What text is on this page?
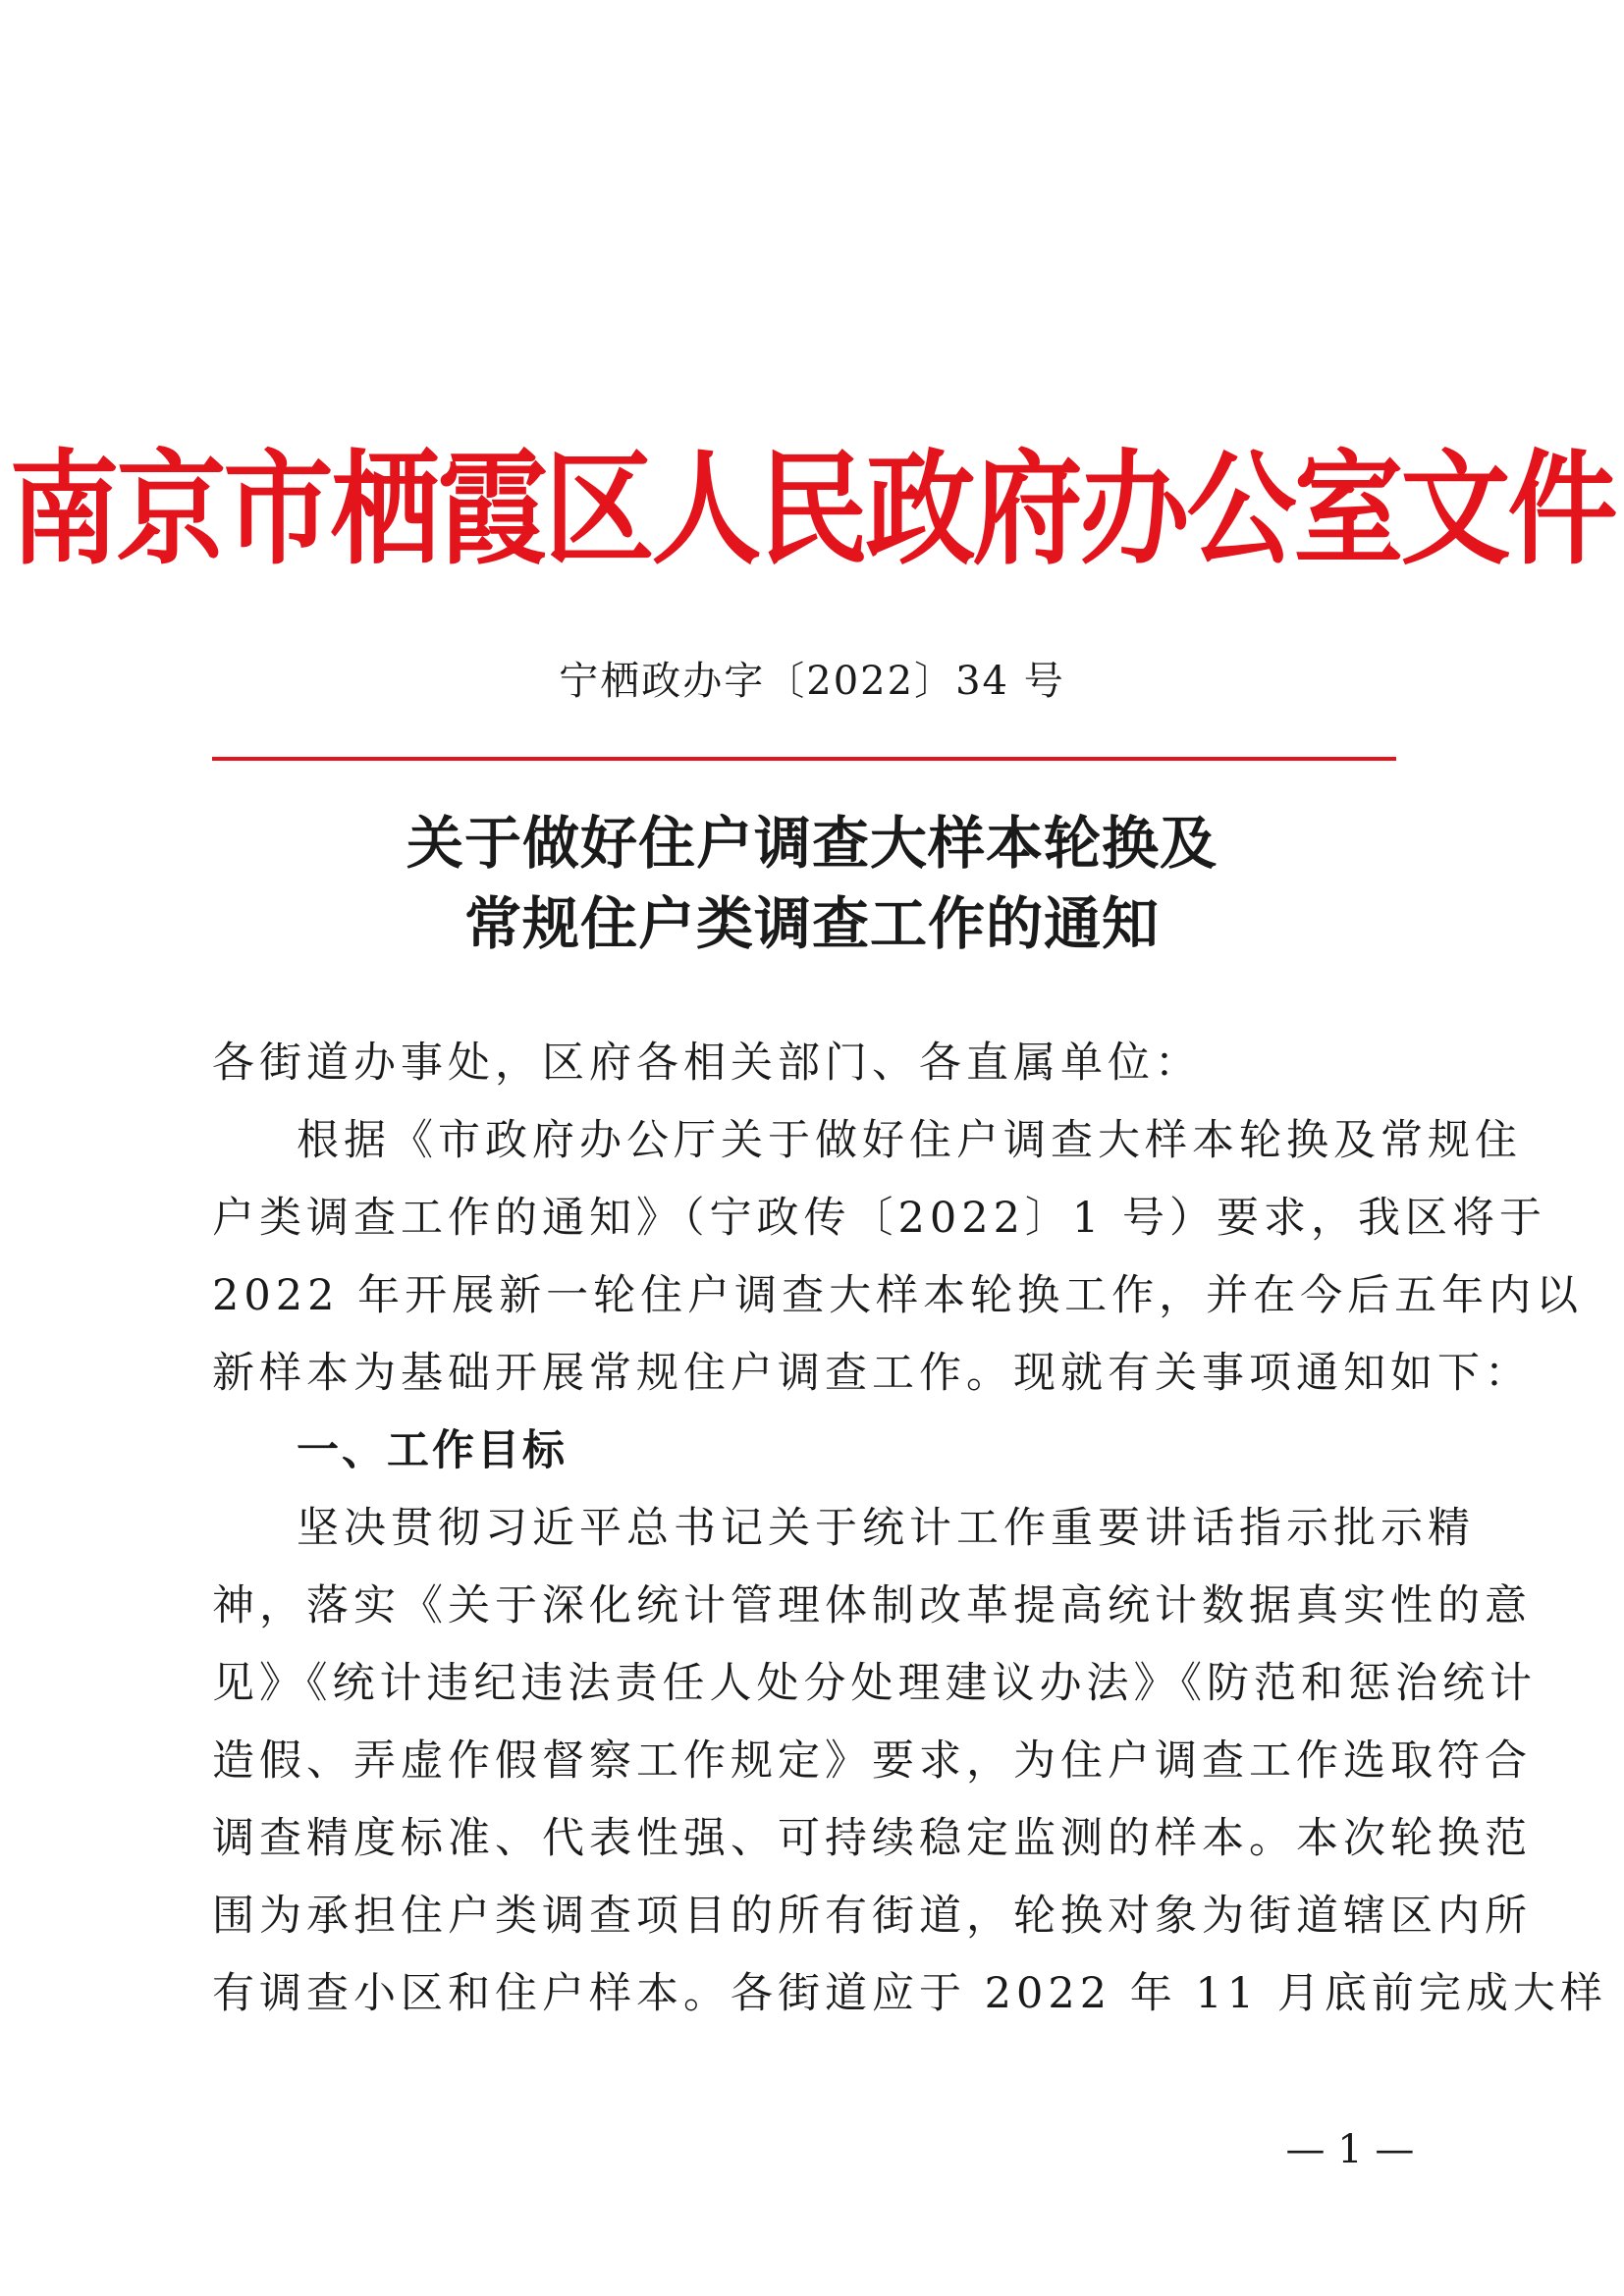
南京市栖霞区人民政府办公室文件
宁栖政办字〔2022〕34 号
关于做好住户调查大样本轮换及
常规住户类调查工作的通知
各街道办事处，区府各相关部门、各直属单位：
根据《市政府办公厅关于做好住户调查大样本轮换及常规住
户类调查工作的通知》（宁政传〔2022〕1 号）要求，我区将于
2022 年开展新一轮住户调查大样本轮换工作，并在今后五年内以
新样本为基础开展常规住户调查工作。现就有关事项通知如下：
一、工作目标
坚决贯彻习近平总书记关于统计工作重要讲话指示批示精
神，落实《关于深化统计管理体制改革提高统计数据真实性的意
见》《统计违纪违法责任人处分处理建议办法》《防范和惩治统计
造假、弄虚作假督察工作规定》要求，为住户调查工作选取符合
调查精度标准、代表性强、可持续稳定监测的样本。本次轮换范
围为承担住户类调查项目的所有街道，轮换对象为街道辖区内所
有调查小区和住户样本。各街道应于 2022 年 11 月底前完成大样
— 1 —
